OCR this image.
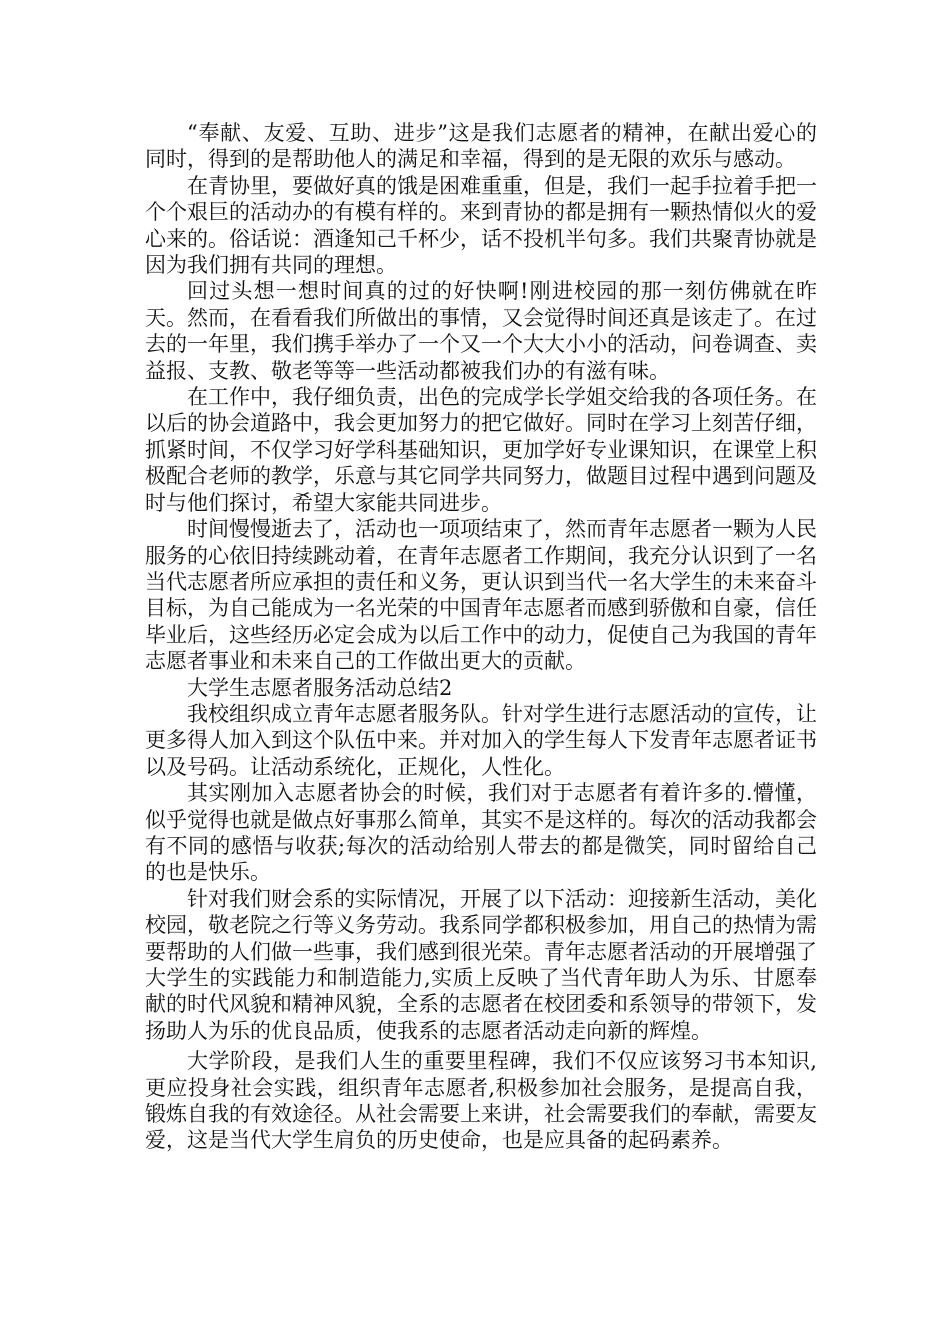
“奉献、友爱、互助、进步”这是我们志愿者的精神，在献出爱心的同时，得到的是帮助他人的满足和幸福，得到的是无限的欢乐与感动。

在青协里，要做好真的饿是困难重重，但是，我们一起手拉着手把一个个艰巨的活动办的有模有样的。来到青协的都是拥有一颗热情似火的爱心来的。俗话说：酒逢知己千杯少，话不投机半句多。我们共聚青协就是因为我们拥有共同的理想。

回过头想一想时间真的过的好快啊!刚进校园的那一刻仿佛就在昨天。然而，在看看我们所做出的事情，又会觉得时间还真是该走了。在过去的一年里，我们携手举办了一个又一个大大小小的活动，问卷调查、卖益报、支教、敬老等等一些活动都被我们办的有滋有味。

在工作中，我仔细负责，出色的完成学长学姐交给我的各项任务。在以后的协会道路中，我会更加努力的把它做好。同时在学习上刻苦仔细，抓紧时间，不仅学习好学科基础知识，更加学好专业课知识，在课堂上积极配合老师的教学，乐意与其它同学共同努力，做题目过程中遇到问题及时与他们探讨，希望大家能共同进步。

时间慢慢逝去了，活动也一项项结束了，然而青年志愿者一颗为人民服务的心依旧持续跳动着，在青年志愿者工作期间，我充分认识到了一名当代志愿者所应承担的责任和义务，更认识到当代一名大学生的未来奋斗目标，为自己能成为一名光荣的中国青年志愿者而感到骄傲和自豪，信任毕业后，这些经历必定会成为以后工作中的动力，促使自己为我国的青年志愿者事业和未来自己的工作做出更大的贡献。

大学生志愿者服务活动总结2

我校组织成立青年志愿者服务队。针对学生进行志愿活动的宣传，让更多得人加入到这个队伍中来。并对加入的学生每人下发青年志愿者证书以及号码。让活动系统化，正规化，人性化。

其实刚加入志愿者协会的时候，我们对于志愿者有着许多的.懵懂，似乎觉得也就是做点好事那么简单，其实不是这样的。每次的活动我都会有不同的感悟与收获;每次的活动给别人带去的都是微笑，同时留给自己的也是快乐。

针对我们财会系的实际情况，开展了以下活动：迎接新生活动，美化校园，敬老院之行等义务劳动。我系同学都积极参加，用自己的热情为需要帮助的人们做一些事，我们感到很光荣。青年志愿者活动的开展增强了大学生的实践能力和制造能力,实质上反映了当代青年助人为乐、甘愿奉献的时代风貌和精神风貌，全系的志愿者在校团委和系领导的带领下，发扬助人为乐的优良品质，使我系的志愿者活动走向新的辉煌。

大学阶段，是我们人生的重要里程碑，我们不仅应该努习书本知识,更应投身社会实践，组织青年志愿者,积极参加社会服务，是提高自我，锻炼自我的有效途径。从社会需要上来讲，社会需要我们的奉献，需要友爱，这是当代大学生肩负的历史使命，也是应具备的起码素养。
